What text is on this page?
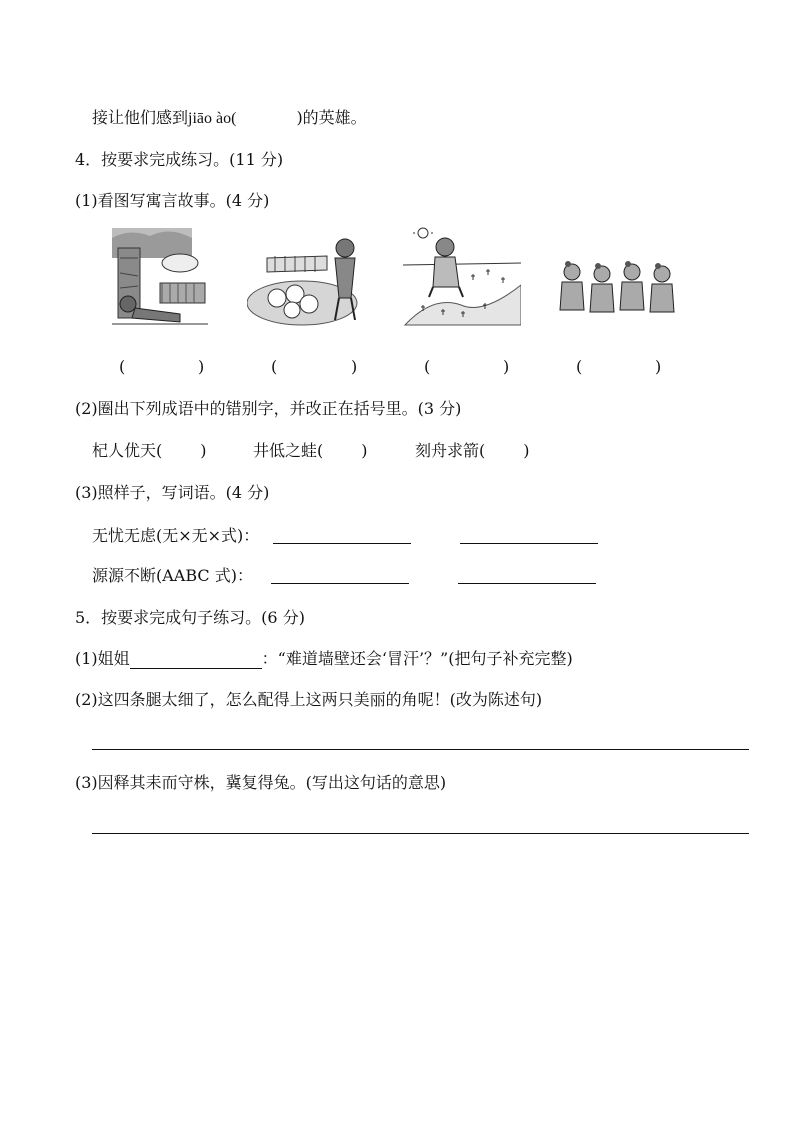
接让他们感到jiāo ào(	)的英雄。
4．按要求完成练习。(11 分)
(1)看图写寓言故事。(4 分)
(	)	(	)	(	)	(	)
(2)圈出下列成语中的错别字，并改正在括号里。(3 分)
杞人优天( )	井低之蛙( )	刻舟求箭( )
(3)照样子，写词语。(4 分)
无忧无虑(无×无×式)：
源源不断(AABC 式)：
5．按要求完成句子练习。(6 分)
(1)姐姐	：“难道墙壁还会‘冒汗’？”(把句子补充完整)
(2)这四条腿太细了，怎么配得上这两只美丽的角呢！(改为陈述句)
(3)因释其耒而守株，冀复得兔。(写出这句话的意思)
